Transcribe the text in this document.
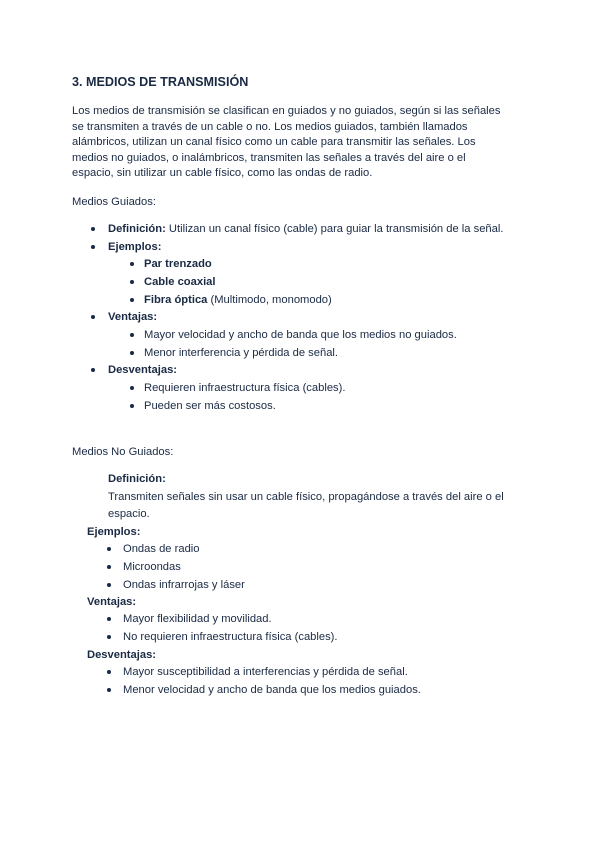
3. MEDIOS DE TRANSMISIÓN

Los medios de transmisión se clasifican en guiados y no guiados, según si las señales

se transmiten a través de un cable o no. Los medios guiados, también llamados

alámbricos, utilizan un canal físico como un cable para transmitir las señales. Los

medios no guiados, o inalámbricos, transmiten las señales a través del aire o el

espacio, sin utilizar un cable físico, como las ondas de radio.

Medios Guiados:

Definición: Utilizan un canal físico (cable) para guiar la transmisión de la señal.

Ejemplos:

Par trenzado

Cable coaxial

Fibra óptica (Multimodo, monomodo)

Ventajas:

Mayor velocidad y ancho de banda que los medios no guiados.

Menor interferencia y pérdida de señal.

Desventajas:

Requieren infraestructura física (cables).

Pueden ser más costosos.

Medios No Guiados:

Definición:

Transmiten señales sin usar un cable físico, propagándose a través del aire o el

espacio.

Ejemplos:

Ondas de radio

Microondas

Ondas infrarrojas y láser

Ventajas:

Mayor flexibilidad y movilidad.

No requieren infraestructura física (cables).

Desventajas:

Mayor susceptibilidad a interferencias y pérdida de señal.

Menor velocidad y ancho de banda que los medios guiados.
